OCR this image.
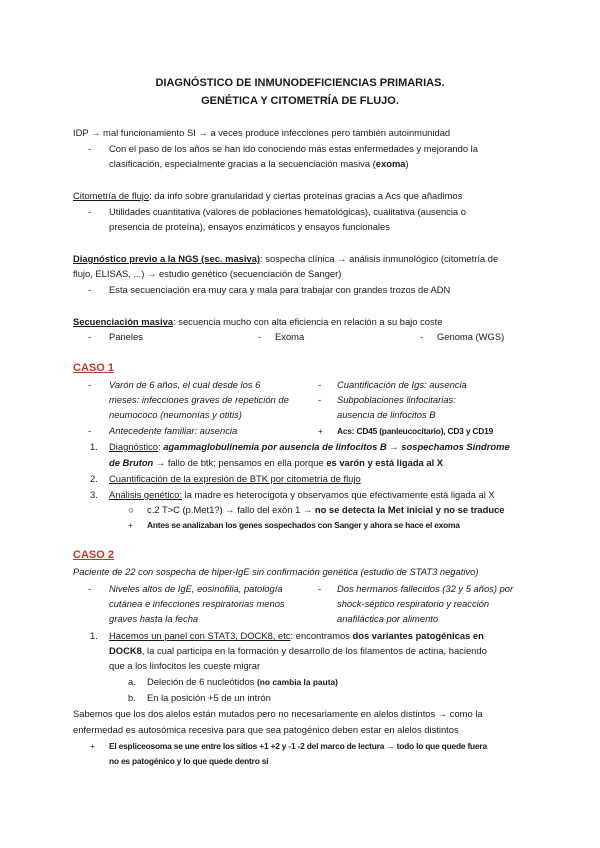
DIAGNÓSTICO DE INMUNODEFICIENCIAS PRIMARIAS.
GENÉTICA Y CITOMETRÍA DE FLUJO.
IDP → mal funcionamiento SI → a veces produce infecciones pero también autoinmunidad
- Con el paso de los años se han ido conociendo más estas enfermedades y mejorando la
clasificación, especialmente gracias a la secuenciación masiva (exoma)
Citometría de flujo: da info sobre granularidad y ciertas proteínas gracias a Acs que añadimos
- Utilidades cuantitativa (valores de poblaciones hematológicas), cualitativa (ausencia o
presencia de proteína), ensayos enzimáticos y ensayos funcionales
Diagnóstico previo a la NGS (sec. masiva): sospecha clínica → análisis inmunológico (citometría de
flujo, ELISAS, ...) → estudio genético (secuenciación de Sanger)
- Esta secuenciación era muy cara y mala para trabajar con grandes trozos de ADN
Secuenciación masiva: secuencia mucho con alta eficiencia en relación a su bajo coste
- Paneles	- Exoma	- Genoma (WGS)
CASO 1
- Varón de 6 años, el cual desde los 6
meses: infecciones graves de repetición de
neumococo (neumonías y otitis)
- Antecedente familiar: ausencia
- Cuantificación de Igs: ausencia
- Subpoblaciones linfocitarias:
ausencia de linfocitos B
+ Acs: CD45 (panleucocitario), CD3 y CD19
1. Diagnóstico: agammaglobulinemia por ausencia de linfocitos B → sospechamos Síndrome
de Bruton → fallo de btk; pensamos en ella porque es varón y está ligada al X
2. Cuantificación de la expresión de BTK por citometría de flujo
3. Análisis genético: la madre es heterocigota y observamos que efectivamente está ligada al X
○ c.2 T>C (p.Met1?) → fallo del exón 1 → no se detecta la Met inicial y no se traduce
+ Antes se analizaban los genes sospechados con Sanger y ahora se hace el exoma
CASO 2
Paciente de 22 con sospecha de hiper-IgE sin confirmación genética (estudio de STAT3 negativo)
- Niveles altos de IgE, eosinofilia, patología
cutánea e infecciones respiratorias menos
graves hasta la fecha
- Dos hermanos fallecidos (32 y 5 años) por
shock-séptico respiratorio y reacción
anafiláctica por alimento
1. Hacemos un panel con STAT3, DOCK8, etc: encontramos dos variantes patogénicas en
DOCK8, la cual participa en la formación y desarrollo de los filamentos de actina, haciendo
que a los linfocitos les cueste migrar
a. Deleción de 6 nucleótidos (no cambia la pauta)
b. En la posición +5 de un intrón
Sabemos que los dos alelos están mutados pero no necesariamente en alelos distintos → como la
enfermedad es autosómica recesiva para que sea patogénico deben estar en alelos distintos
+ El espliceosoma se une entre los sitios +1 +2 y -1 -2 del marco de lectura → todo lo que quede fuera
no es patogénico y lo que quede dentro sí
